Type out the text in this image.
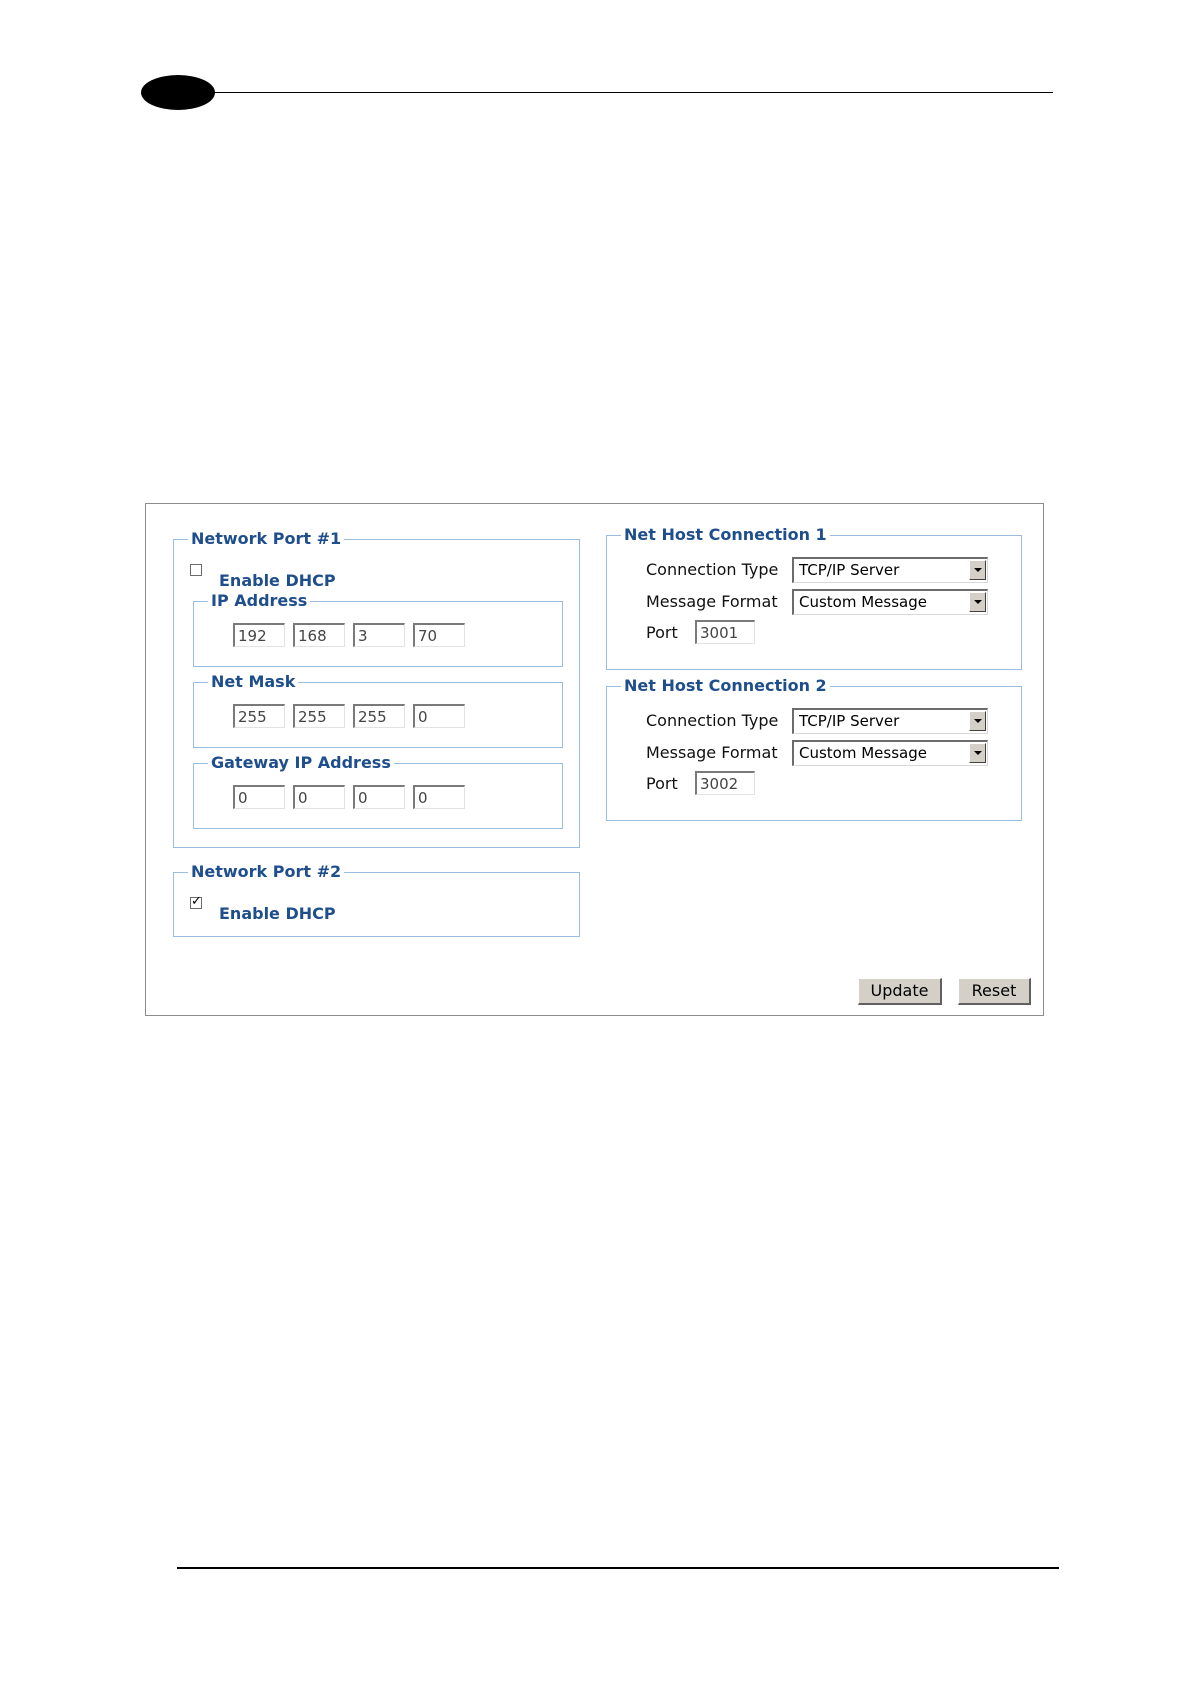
Network Port #1
Enable DHCP
IP Address
192	168	3	70
Net Mask
255	255	255	0
Gateway IP Address
0	0	0	0
Network Port #2
✓
Enable DHCP
Net Host Connection 1
Connection Type TCP/IP Server
Message Format Custom Message
Port	3001
Net Host Connection 2
Connection Type TCP/IP Server
Message Format Custom Message
Port	3002
Update	Reset
